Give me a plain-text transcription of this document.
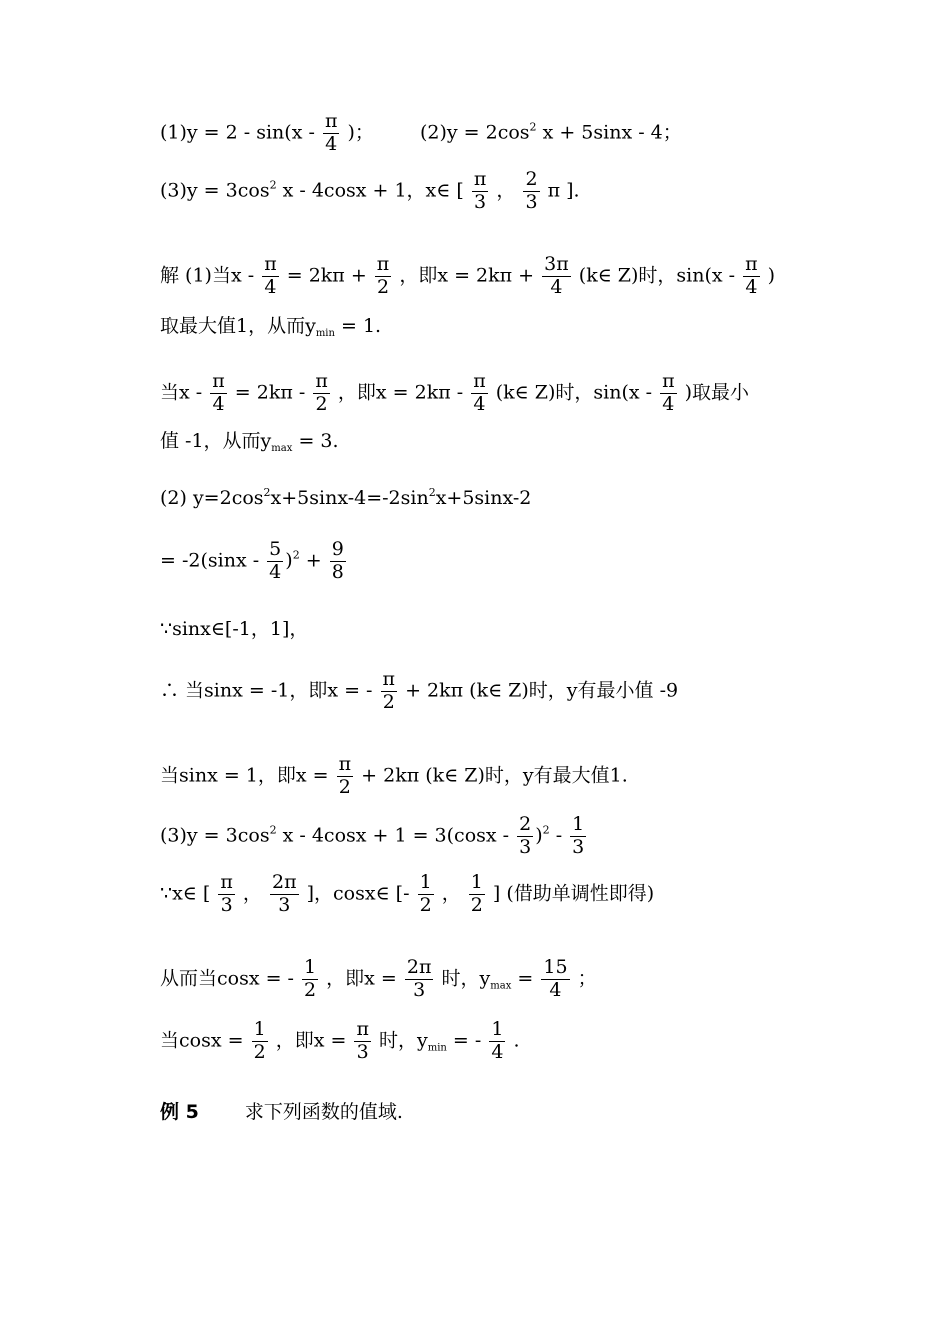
$(1)y = 2 - \sin(x - \frac{\pi}{4}$ )； $(2)y = 2\cos^2$ x + 5sinx - 4；
$(3)y = 3\cos^2$ x - 4cosx + 1，x∈ [ $\frac{\pi}{3}$ ， $\frac{2}{3}$ π ].
解 (1)当$x - \frac{\pi}{4} = 2k\pi + \frac{\pi}{2}$ ，即$x = 2k\pi + \frac{3\pi}{4}$ (k∈ Z)时，$\sin(x - \frac{\pi}{4}$ )
取最大值1，从而$y_{min} = 1$.
当$x - \frac{\pi}{4} = 2k\pi - \frac{\pi}{2}$ ，即$x = 2k\pi - \frac{\pi}{4}$ (k∈ Z)时，$\sin(x - \frac{\pi}{4}$ )取最小
值 -1，从而$y_{max} = 3$.
(2) $y=2\cos^2x+5\sin x-4=-2\sin^2x+5\sin x-2$
= $-2(\sin x - \frac{5}{4} )^2 + \frac{9}{8}$
∵sinx∈[-1，1]，
∴ 当sinx = -1，即x = - $\frac{\pi}{2} + 2k\pi$ (k∈ Z)时，y有最小值 -9
当sinx = 1，即$x = \frac{\pi}{2} + 2k\pi$ (k∈ Z)时，y有最大值1.
$(3)y = 3\cos^2$ $x - 4\cos x + 1 = 3(\cos x - \frac{2}{3} )^2 - \frac{1}{3}$
∵x∈ [ $\frac{\pi}{3}$ ， $\frac{2\pi}{3}$ ]，cosx∈ [- $\frac{1}{2}$ ， $\frac{1}{2}$ ] (借助单调性即得)
从而当cosx = - $\frac{1}{2}$ ，即$x = \frac{2\pi}{3}$ 时，$y_{max} = \frac{15}{4}$ ；
当$\cos x = \frac{1}{2}$ ，即$x = \frac{\pi}{3}$ 时，$y_{min}$ = - $\frac{1}{4}$ .
例 5 求下列函数的值域.
